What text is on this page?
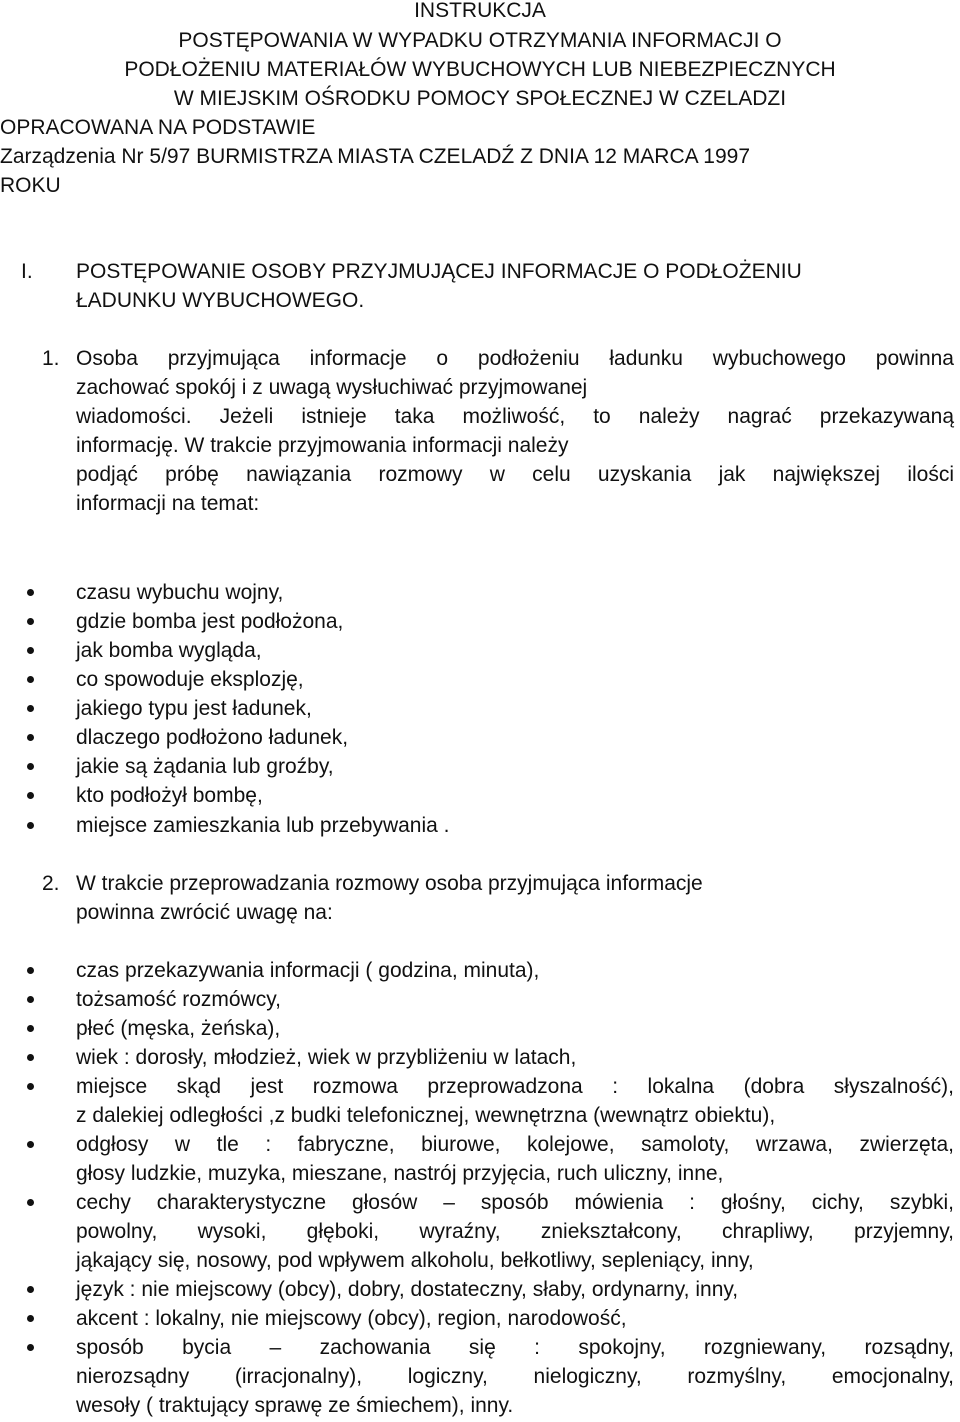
INSTRUKCJA
POSTĘPOWANIA W WYPADKU OTRZYMANIA INFORMACJI O
PODŁOŻENIU MATERIAŁÓW WYBUCHOWYCH LUB NIEBEZPIECZNYCH
W MIEJSKIM OŚRODKU POMOCY SPOŁECZNEJ W CZELADZI
OPRACOWANA NA PODSTAWIE
Zarządzenia Nr 5/97 BURMISTRZA MIASTA CZELADŹ Z DNIA 12 MARCA 1997
ROKU
I. POSTĘPOWANIE OSOBY PRZYJMUJĄCEJ INFORMACJE O PODŁOŻENIU
ŁADUNKU WYBUCHOWEGO.
1. Osoba przyjmująca informacje o podłożeniu ładunku wybuchowego powinna
zachować spokój i z uwagą wysłuchiwać przyjmowanej
wiadomości. Jeżeli istnieje taka możliwość, to należy nagrać przekazywaną
informację. W trakcie przyjmowania informacji należy
podjąć próbę nawiązania rozmowy w celu uzyskania jak największej ilości
informacji na temat:
czasu wybuchu wojny,
gdzie bomba jest podłożona,
jak bomba wygląda,
co spowoduje eksplozję,
jakiego typu jest ładunek,
dlaczego podłożono ładunek,
jakie są żądania lub groźby,
kto podłożył bombę,
miejsce zamieszkania lub przebywania .
2. W trakcie przeprowadzania rozmowy osoba przyjmująca informacje
powinna zwrócić uwagę na:
czas przekazywania informacji ( godzina, minuta),
tożsamość rozmówcy,
płeć (męska, żeńska),
wiek : dorosły, młodzież, wiek w przybliżeniu w latach,
miejsce skąd jest rozmowa przeprowadzona : lokalna (dobra słyszalność),
z dalekiej odległości ,z budki telefonicznej, wewnętrzna (wewnątrz obiektu),
odgłosy w tle : fabryczne, biurowe, kolejowe, samoloty, wrzawa, zwierzęta,
głosy ludzkie, muzyka, mieszane, nastrój przyjęcia, ruch uliczny, inne,
cechy charakterystyczne głosów – sposób mówienia : głośny, cichy, szybki,
powolny, wysoki, głęboki, wyraźny, zniekształcony, chrapliwy, przyjemny,
jąkający się, nosowy, pod wpływem alkoholu, bełkotliwy, sepleniący, inny,
język : nie miejscowy (obcy), dobry, dostateczny, słaby, ordynarny, inny,
akcent : lokalny, nie miejscowy (obcy), region, narodowość,
sposób bycia – zachowania się : spokojny, rozgniewany, rozsądny,
nierozsądny (irracjonalny), logiczny, nielogiczny, rozmyślny, emocjonalny,
wesoły ( traktujący sprawę ze śmiechem), inny.
